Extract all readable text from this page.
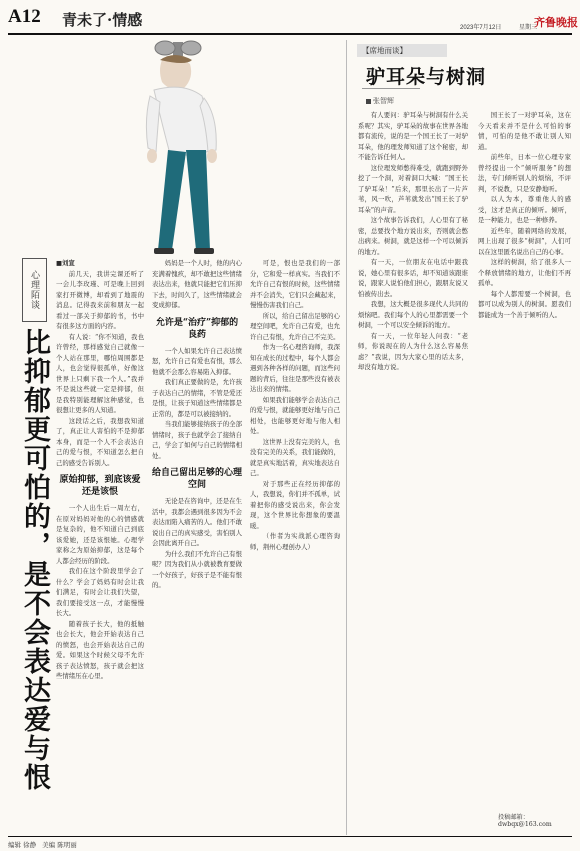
A12 青未了·情感	2023年7月12日	星期三
齐鲁晚报
心理陌谈
比抑郁更可怕的，是不会表达爱与恨

■刘宣

前几天，我讲完课还听了一会儿李玫瑾、可是晚上回到家打开微博，却看到了地震的消息。记得我来前和朋友一起看过一部关于抑郁的书，书中有很多这方面的内容。

有人说：“你不知道，我也许曾经，那样感觉自己就像一个人站在那里，哪怕周围都是人，也会觉得很孤单，好像这世界上只剩下我一个人。”我并不是说这些就一定是抑郁，但是我特别能理解这种感觉，也很想让更多的人知道。

这段话之后，我想我知道了，真正让人害怕的不是抑郁本身，而是一个人不会表达自己的爱与恨，不知道怎么把自己的感受告诉别人。

原始抑郁，到底该爱还是该恨

一个人出生后一周左右，在原对妈妈对他的心的情感就是复杂的，他不知道自己到底该爱她，还是该恨她。心理学家称之为原始抑郁，这是每个人都会经历的阶段。

我们在这个阶段里学会了什么？学会了妈妈有时会让我们满足，有时会让我们失望，我们要接受这一点，才能慢慢长大。

随着孩子长大，他的抵触也会长大，他会开始表达自己的愤怒，也会开始表达自己的爱。如果这个时候父母不允许孩子表达愤怒，孩子就会把这些情绪压在心里。

妈妈是一个人时，他的内心充满着愧疚，却不敢把这些情绪表达出来，他就只能把它们压抑下去，时间久了，这些情绪就会变成抑郁。

允许是“治疗”抑郁的良药

一个人如果允许自己表达愤怒，允许自己有爱也有恨，那么他就不会那么容易陷入抑郁。

我们真正要做的是，允许孩子表达自己的情绪，不管是爱还是恨，让孩子知道这些情绪都是正常的，都是可以被接纳的。

当我们能够接纳孩子的全部情绪时，孩子也就学会了接纳自己，学会了如何与自己的情绪相处。

给自己留出足够的心理空间

无论是在咨询中，还是在生活中，我都会遇到很多因为不会表达而陷入痛苦的人。他们不敢说出自己的真实感受，害怕别人会因此离开自己。

为什么我们不允许自己有恨呢？因为我们从小就被教育要做一个好孩子，好孩子是不能有恨的。

可是，恨也是我们的一部分，它和爱一样真实。当我们不允许自己有恨的时候，这些情绪并不会消失，它们只会藏起来，慢慢伤害我们自己。

所以，给自己留出足够的心理空间吧，允许自己有爱，也允许自己有恨，允许自己不完美。

作为一名心理咨询师，我深知在成长的过程中，每个人都会遇到各种各样的问题，而这些问题的背后，往往是那些没有被表达出来的情绪。

如果我们能够学会表达自己的爱与恨，就能够更好地与自己相处，也能够更好地与他人相处。

这世界上没有完美的人，也没有完美的关系，我们能做的，就是真实地活着，真实地表达自己。

对于那些正在经历抑郁的人，我想说，你们并不孤单，试着把你的感受说出来，你会发现，这个世界比你想象的要温暖。

（作者为实战派心理咨询师，荆州心理创办人）

【席地而谈】
驴耳朵与树洞
张智辉

有人要问：驴耳朵与树洞有什么关系呢？其实，驴耳朵的故事在世界各地都有流传，说的是一个国王长了一对驴耳朵，他的理发师知道了这个秘密，却不能告诉任何人。

这位理发师憋得难受，就跑到野外挖了一个洞，对着洞口大喊：“国王长了驴耳朵！”后来，那里长出了一片芦苇，风一吹，芦苇就发出“国王长了驴耳朵”的声音。

这个故事告诉我们，人心里有了秘密，总要找个地方说出来，否则就会憋出病来。树洞，就是这样一个可以倾诉的地方。

有一天，一位朋友在电话中跟我说，她心里有很多话，却不知道该跟谁说，跟家人说怕他们担心，跟朋友说又怕被传出去。

我想，这大概是很多现代人共同的烦恼吧。我们每个人的心里都需要一个树洞，一个可以安全倾诉的地方。

有一天，一位年轻人问我：“老师，你说现在的人为什么这么容易焦虑？”我说，因为大家心里的话太多，却没有地方说。

国王长了一对驴耳朵，这在今天看来并不是什么可怕的事情，可怕的是他不敢让别人知道。

前些年，日本一位心理专家曾经提出一个“倾听服务”的想法，专门倾听别人的烦恼，不评判，不说教，只是安静地听。

以人为本，尊重他人的感受，这才是真正的倾听。倾听，是一种能力，也是一种修养。

近些年，随着网络的发展，网上出现了很多“树洞”，人们可以在这里匿名说出自己的心事。

这样的树洞，给了很多人一个释放情绪的地方，让他们不再孤单。

每个人都需要一个树洞，也都可以成为别人的树洞。愿我们都能成为一个善于倾听的人。

投稿邮箱：dwbqx@163.com
编辑 徐静 美编 陈明丽
